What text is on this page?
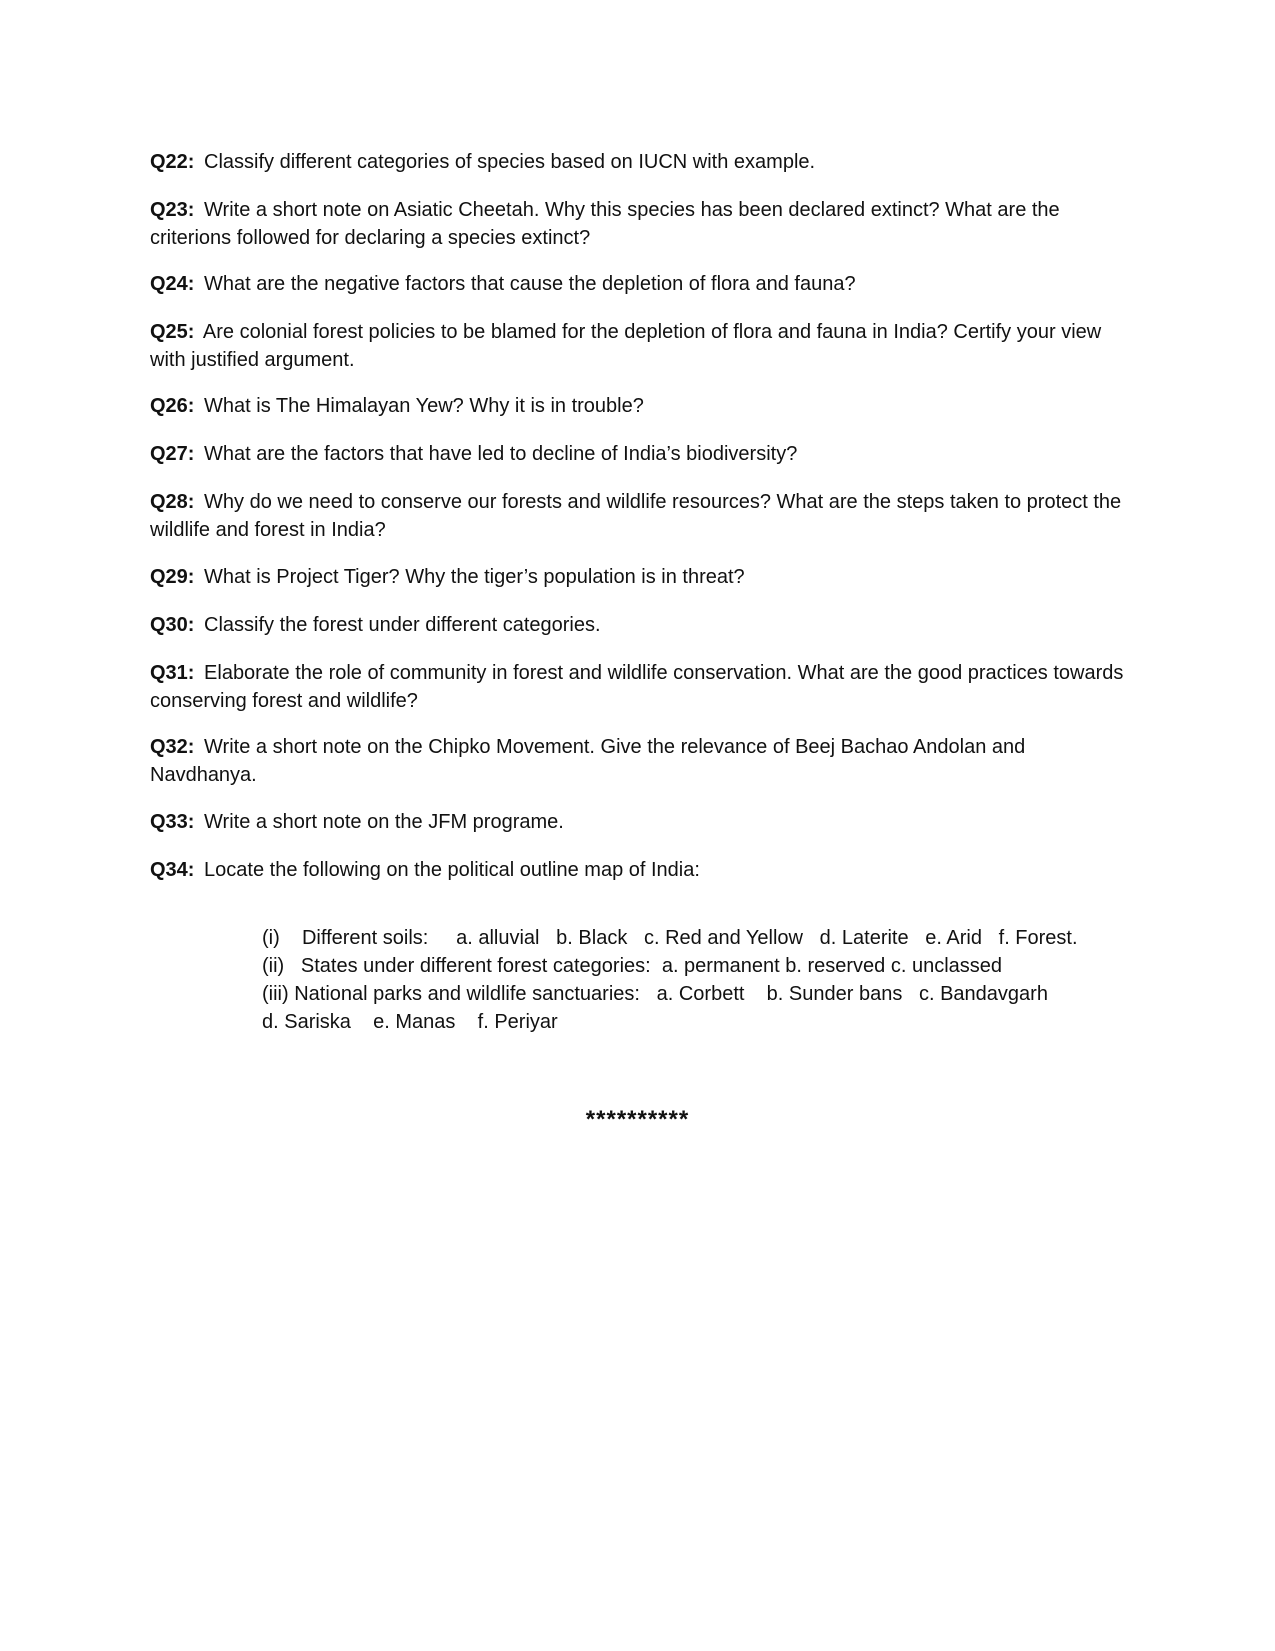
Q22: Classify different categories of species based on IUCN with example.

Q23: Write a short note on Asiatic Cheetah. Why this species has been declared extinct? What are the criterions followed for declaring a species extinct?

Q24: What are the negative factors that cause the depletion of flora and fauna?

Q25: Are colonial forest policies to be blamed for the depletion of flora and fauna in India? Certify your view with justified argument.

Q26: What is The Himalayan Yew? Why it is in trouble?

Q27: What are the factors that have led to decline of India’s biodiversity?

Q28: Why do we need to conserve our forests and wildlife resources? What are the steps taken to protect the wildlife and forest in India?

Q29: What is Project Tiger? Why the tiger’s population is in threat?

Q30: Classify the forest under different categories.

Q31: Elaborate the role of community in forest and wildlife conservation. What are the good practices towards conserving forest and wildlife?

Q32: Write a short note on the Chipko Movement. Give the relevance of Beej Bachao Andolan and Navdhanya.

Q33: Write a short note on the JFM programe.

Q34: Locate the following on the political outline map of India:

(i)    Different soils:     a. alluvial   b. Black   c. Red and Yellow   d. Laterite   e. Arid   f. Forest.
(ii)   States under different forest categories:  a. permanent b. reserved c. unclassed
(iii) National parks and wildlife sanctuaries:   a. Corbett    b. Sunder bans   c. Bandavgarh
d. Sariska    e. Manas    f. Periyar
**********
